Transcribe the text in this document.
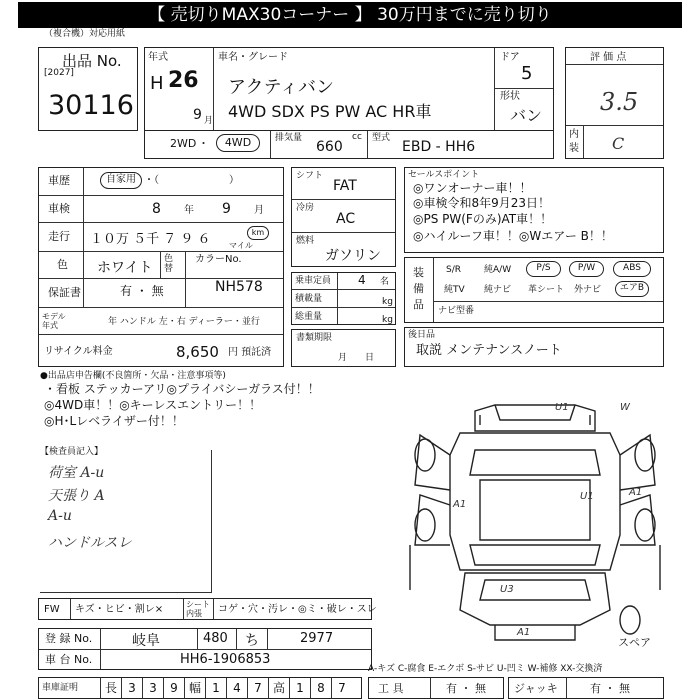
【 売切りMAX30コーナー 】 30万円までに売り切り
（複合機）対応用紙
出品 No.
[2027]
30116
年式
H 26
9 月
車名・グレード
アクティバン
4WD SDX PS PW AC HR車
ドア
5
形状
バン
評 価 点
3.5
内
装 C
2WD ・	4WD	排気量	cc
660
型式
EBD - HH6
車歴	自家用 ・（　　　　　　　）
車検	8 年 9 月
走行 １０万 ５千 ７ ９ ６	km
マイル
色 ホワイト
色替
カラーNo.
NH578
保証書	有 ・ 無
モデル年式	年 ハンドル 左・右 ディーラー・並行
リサイクル料金	8,650 円 預託済
シフト
FAT
冷房
AC
燃料
ガソリン
乗車定員 4 名
積載量	kg
総重量	kg
書類期限
月　　日
セールスポイント
◎ワンオーナー車！！
◎車検令和8年9月23日！
◎PS PW(Fのみ)AT車！！
◎ハイルーフ車！！◎Wエアー B！！
装
備
品
S/R	純A/W	P/S	P/W	ABS
純TV 純ナビ 革シート 外ナビ	エアB
ナビ型番
後日品
取説 メンテナンスノート
●出品店申告欄(不良箇所・欠品・注意事項等)
・看板 ステッカーアリ◎プライバシーガラス付！！
◎4WD車！！◎キーレスエントリー！！
◎H･Lレベライザー付！！
【検査員記入】
荷室 A-u
天張り A
A-u
ハンドルスレ
A1
U1	A1
U1
U3
A1
W
スペア
FW キズ・ヒビ・割レ×	シート内張	コゲ・穴・汚レ・◎ミ・破レ・スレ
登 録 No.	岐阜	480 ち	2977
車 台 No.	HH6-1906853
A-キズ C-腐食 E-エクボ S-サビ U-凹ミ W-補修 XX-交換済
車庫証明	長 3	3	9 幅 1	4	7 高 1	8	7	工 具	有 ・ 無	ジャッキ	有 ・ 無
